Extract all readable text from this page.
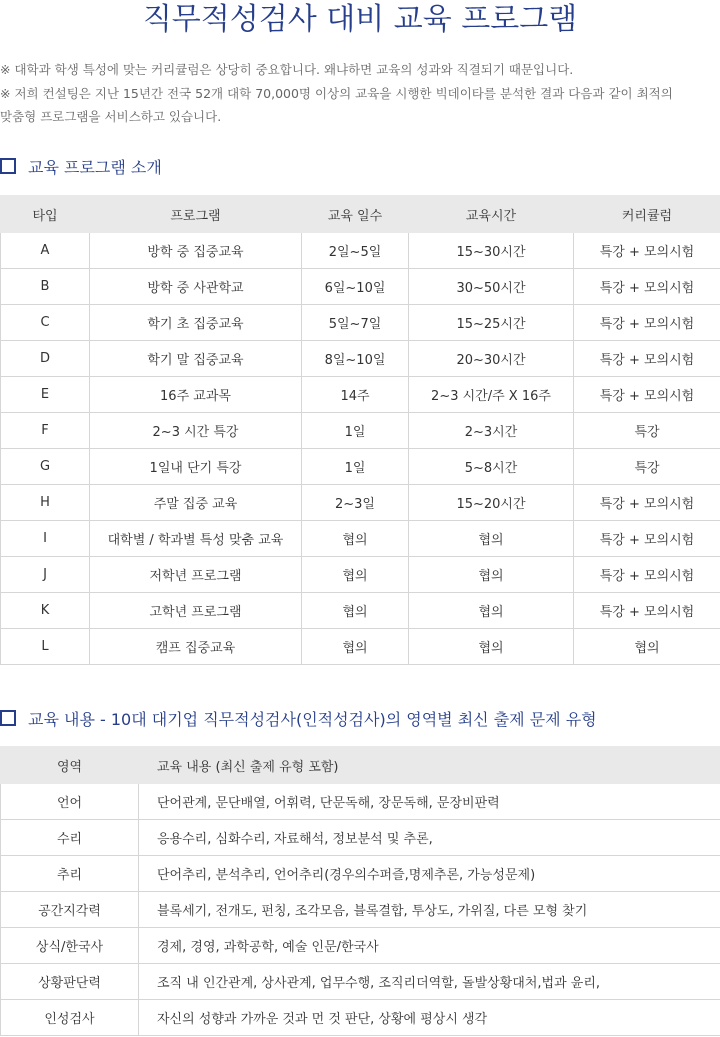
직무적성검사 대비 교육 프로그램

※ 대학과 학생 특성에 맞는 커리큘럼은 상당히 중요합니다. 왜냐하면 교육의 성과와 직결되기 때문입니다.

※ 저희 컨설팅은 지난 15년간 전국 52개 대학 70,000명 이상의 교육을 시행한 빅데이타를 분석한 결과 다음과 같이 최적의

맞춤형 프로그램을 서비스하고 있습니다.

교육 프로그램 소개
타입	프로그램	교육 일수	교육시간	커리큘럼
A	방학 중 집중교육	2일~5일	15~30시간	특강 + 모의시험
B	방학 중 사관학교	6일~10일	30~50시간	특강 + 모의시험
C	학기 초 집중교육	5일~7일	15~25시간	특강 + 모의시험
D	학기 말 집중교육	8일~10일	20~30시간	특강 + 모의시험
E	16주 교과목	14주	2~3 시간/주 X 16주	특강 + 모의시험
F	2~3 시간 특강	1일	2~3시간	특강
G	1일내 단기 특강	1일	5~8시간	특강
H	주말 집중 교육	2~3일	15~20시간	특강 + 모의시험
I	대학별 / 학과별 특성 맞춤 교육	협의	협의	특강 + 모의시험
J	저학년 프로그램	협의	협의	특강 + 모의시험
K	고학년 프로그램	협의	협의	특강 + 모의시험
L	캠프 집중교육	협의	협의	협의
교육 내용 - 10대 대기업 직무적성검사(인적성검사)의 영역별 최신 출제 문제 유형
영역	교육 내용 (최신 출제 유형 포함)
언어	단어관계, 문단배열, 어휘력, 단문독해, 장문독해, 문장비판력
수리	응용수리, 심화수리, 자료해석, 정보분석 및 추론,
추리	단어추리, 분석추리, 언어추리(경우의수퍼즐,명제추론, 가능성문제)
공간지각력	블록세기, 전개도, 펀칭, 조각모음, 블록결합, 투상도, 가위질, 다른 모형 찾기
상식/한국사	경제, 경영, 과학공학, 예술 인문/한국사
상황판단력	조직 내 인간관계, 상사관계, 업무수행, 조직리더역할, 돌발상황대처,법과 윤리,
인성검사	자신의 성향과 가까운 것과 먼 것 판단, 상황에 평상시 생각
